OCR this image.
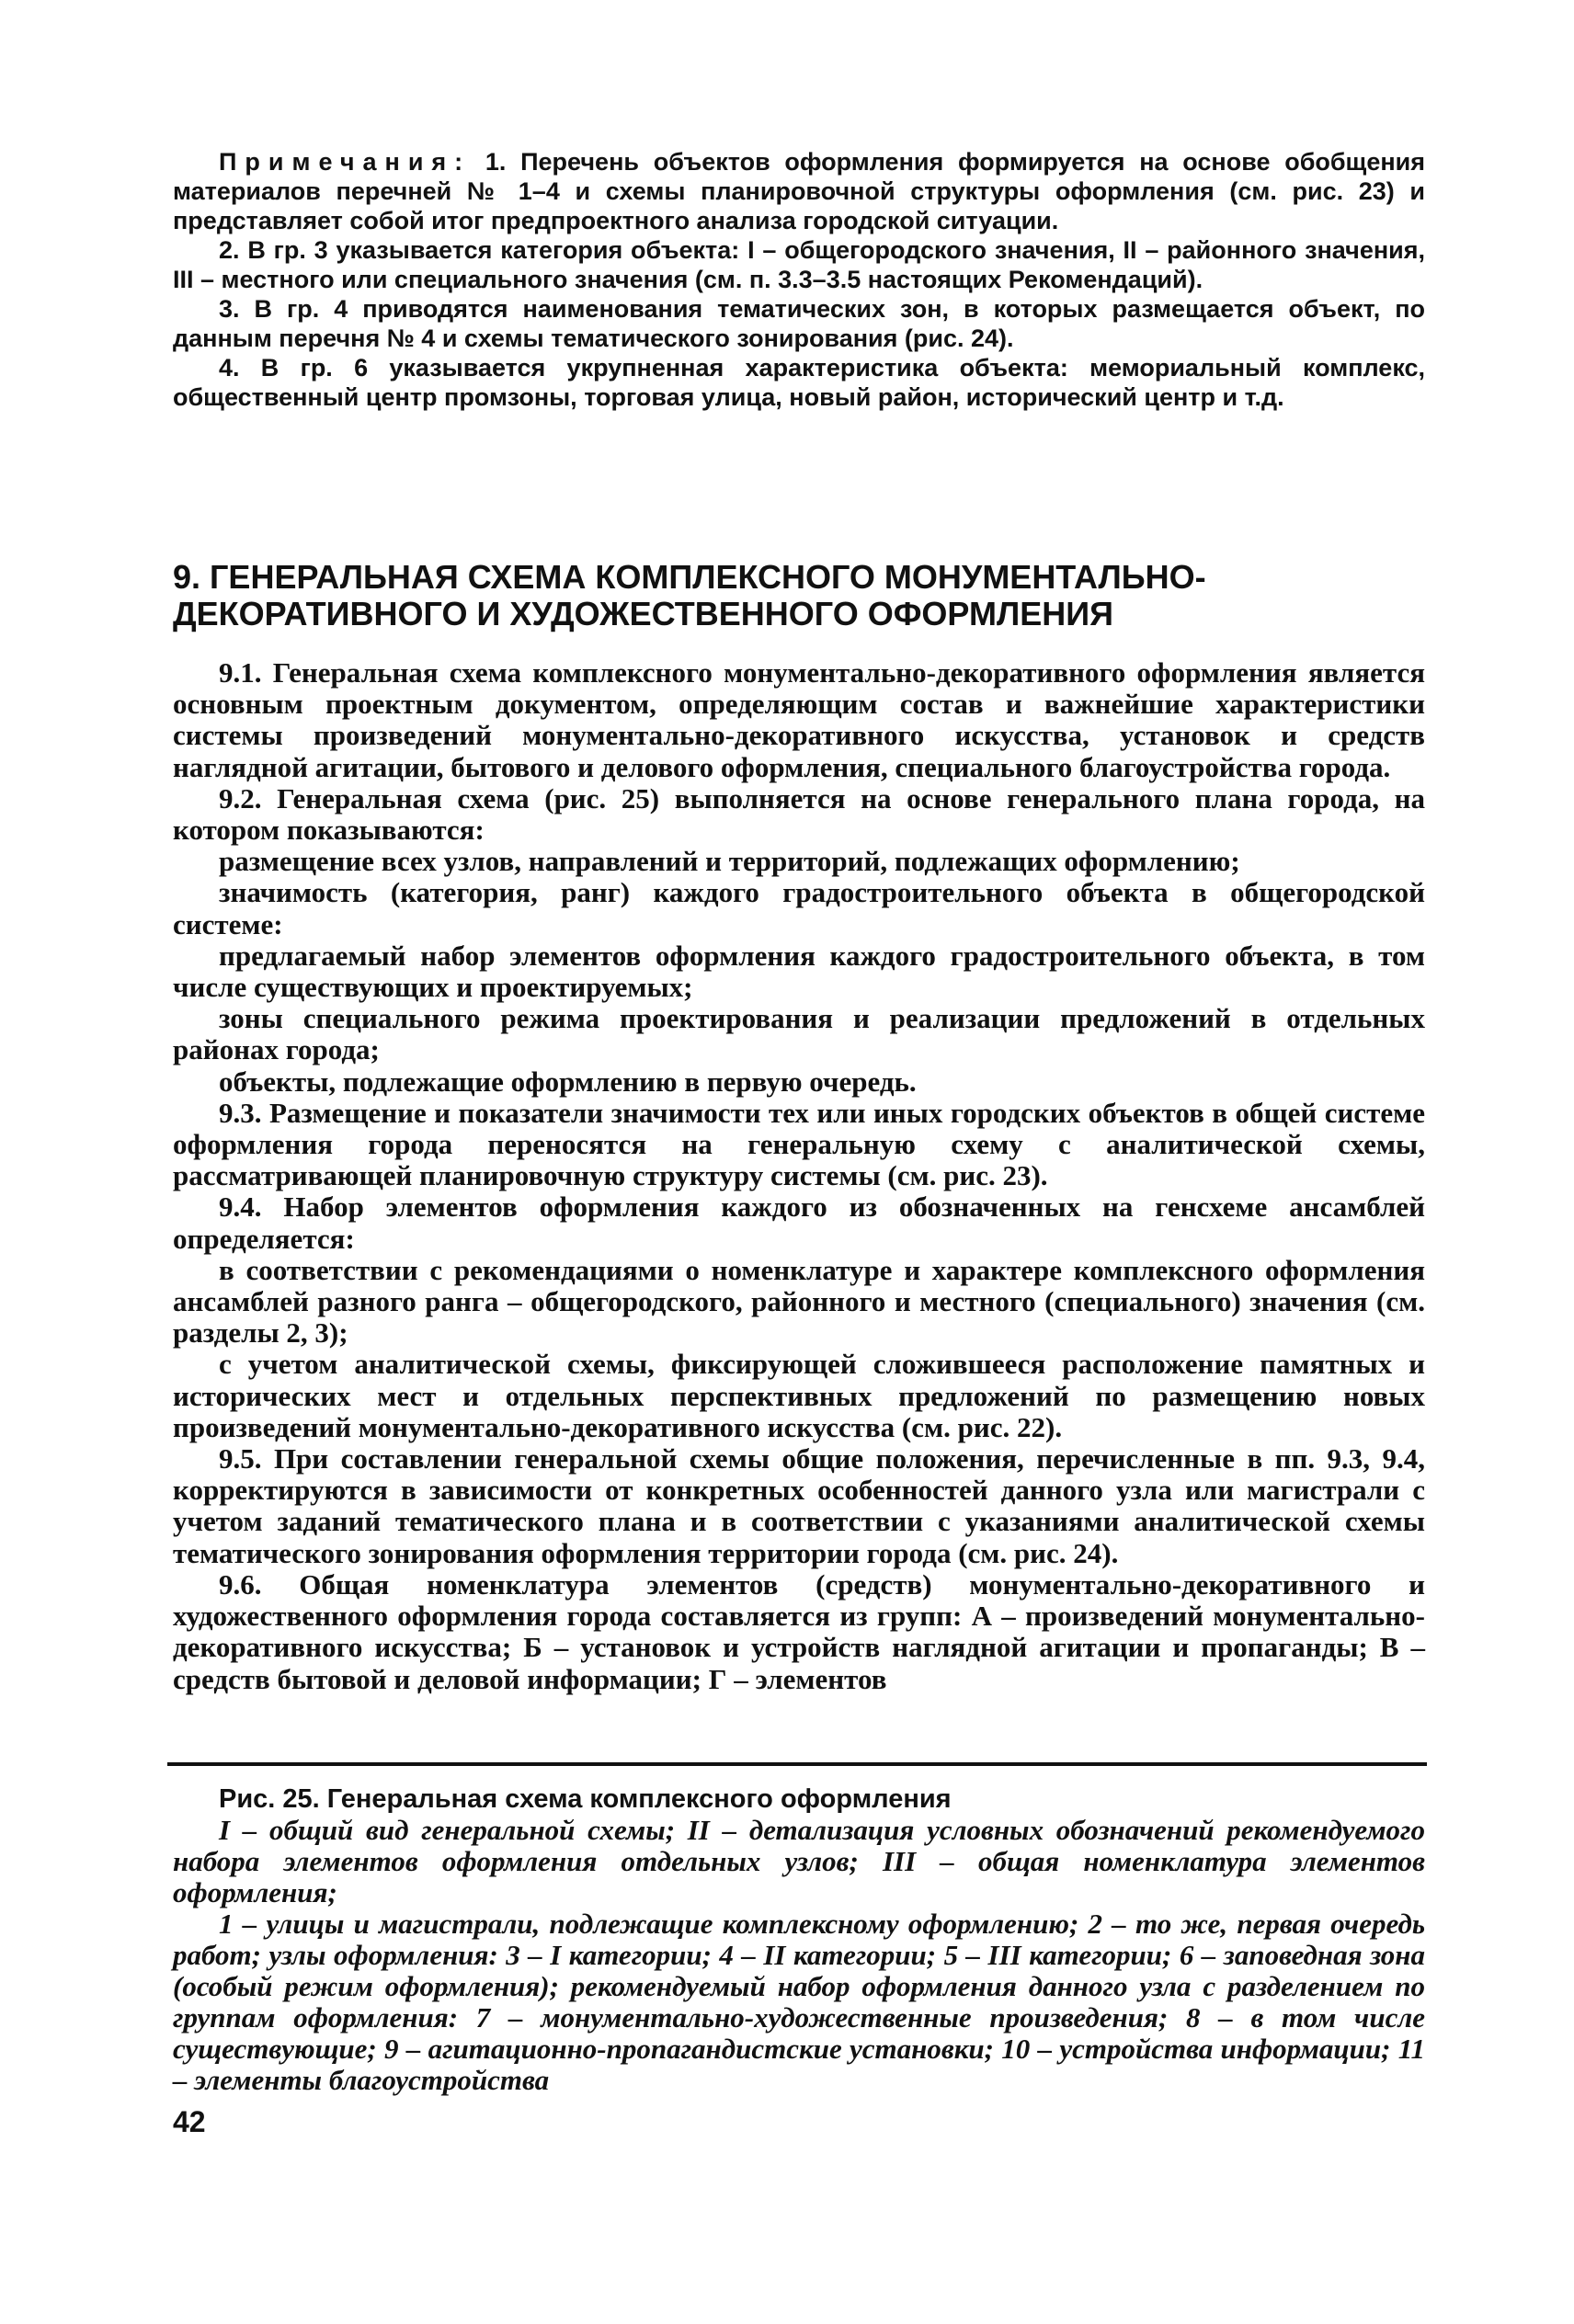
Примечания: 1. Перечень объектов оформления формируется на основе обобщения материалов перечней № 1–4 и схемы планировочной структуры оформления (см. рис. 23) и представляет собой итог предпроектного анализа городской ситуации.

2. В гр. 3 указывается категория объекта: I – общегородского значения, II – районного значения, III – местного или специального значения (см. п. 3.3–3.5 настоящих Рекомендаций).

3. В гр. 4 приводятся наименования тематических зон, в которых размещается объект, по данным перечня № 4 и схемы тематического зонирования (рис. 24).

4. В гр. 6 указывается укрупненная характеристика объекта: мемориальный комплекс, общественный центр промзоны, торговая улица, новый район, исторический центр и т.д.

9. ГЕНЕРАЛЬНАЯ СХЕМА КОМПЛЕКСНОГО МОНУМЕНТАЛЬНО-
ДЕКОРАТИВНОГО И ХУДОЖЕСТВЕННОГО ОФОРМЛЕНИЯ

9.1. Генеральная схема комплексного монументально-декоративного оформления является основным проектным документом, определяющим состав и важнейшие характеристики системы произведений монументально-декоративного искусства, установок и средств наглядной агитации, бытового и делового оформления, специального благоустройства города.

9.2. Генеральная схема (рис. 25) выполняется на основе генерального плана города, на котором показываются:

размещение всех узлов, направлений и территорий, подлежащих оформлению;

значимость (категория, ранг) каждого градостроительного объекта в общегородской системе:

предлагаемый набор элементов оформления каждого градостроительного объекта, в том числе существующих и проектируемых;

зоны специального режима проектирования и реализации предложений в отдельных районах города;

объекты, подлежащие оформлению в первую очередь.

9.3. Размещение и показатели значимости тех или иных городских объектов в общей системе оформления города переносятся на генеральную схему с аналитической схемы, рассматривающей планировочную структуру системы (см. рис. 23).

9.4. Набор элементов оформления каждого из обозначенных на генсхеме ансамблей определяется:

в соответствии с рекомендациями о номенклатуре и характере комплексного оформления ансамблей разного ранга – общегородского, районного и местного (специального) значения (см. разделы 2, 3);

с учетом аналитической схемы, фиксирующей сложившееся расположение памятных и исторических мест и отдельных перспективных предложений по размещению новых произведений монументально-декоративного искусства (см. рис. 22).

9.5. При составлении генеральной схемы общие положения, перечисленные в пп. 9.3, 9.4, корректируются в зависимости от конкретных особенностей данного узла или магистрали с учетом заданий тематического плана и в соответствии с указаниями аналитической схемы тематического зонирования оформления территории города (см. рис. 24).

9.6. Общая номенклатура элементов (средств) монументально-декоративного и художественного оформления города составляется из групп: А – произведений монументально-декоративного искусства; Б – установок и устройств наглядной агитации и пропаганды; В – средств бытовой и деловой информации; Г – элементов

Рис. 25. Генеральная схема комплексного оформления

I – общий вид генеральной схемы; II – детализация условных обозначений рекомендуемого набора элементов оформления отдельных узлов; III – общая номенклатура элементов оформления;

1 – улицы и магистрали, подлежащие комплексному оформлению; 2 – то же, первая очередь работ; узлы оформления: 3 – I категории; 4 – II категории; 5 – III категории; 6 – заповедная зона (особый режим оформления); рекомендуемый набор оформления данного узла с разделением по группам оформления: 7 – монументально-художественные произведения; 8 – в том числе существующие; 9 – агитационно-пропагандистские установки; 10 – устройства информации; 11 – элементы благоустройства

42
